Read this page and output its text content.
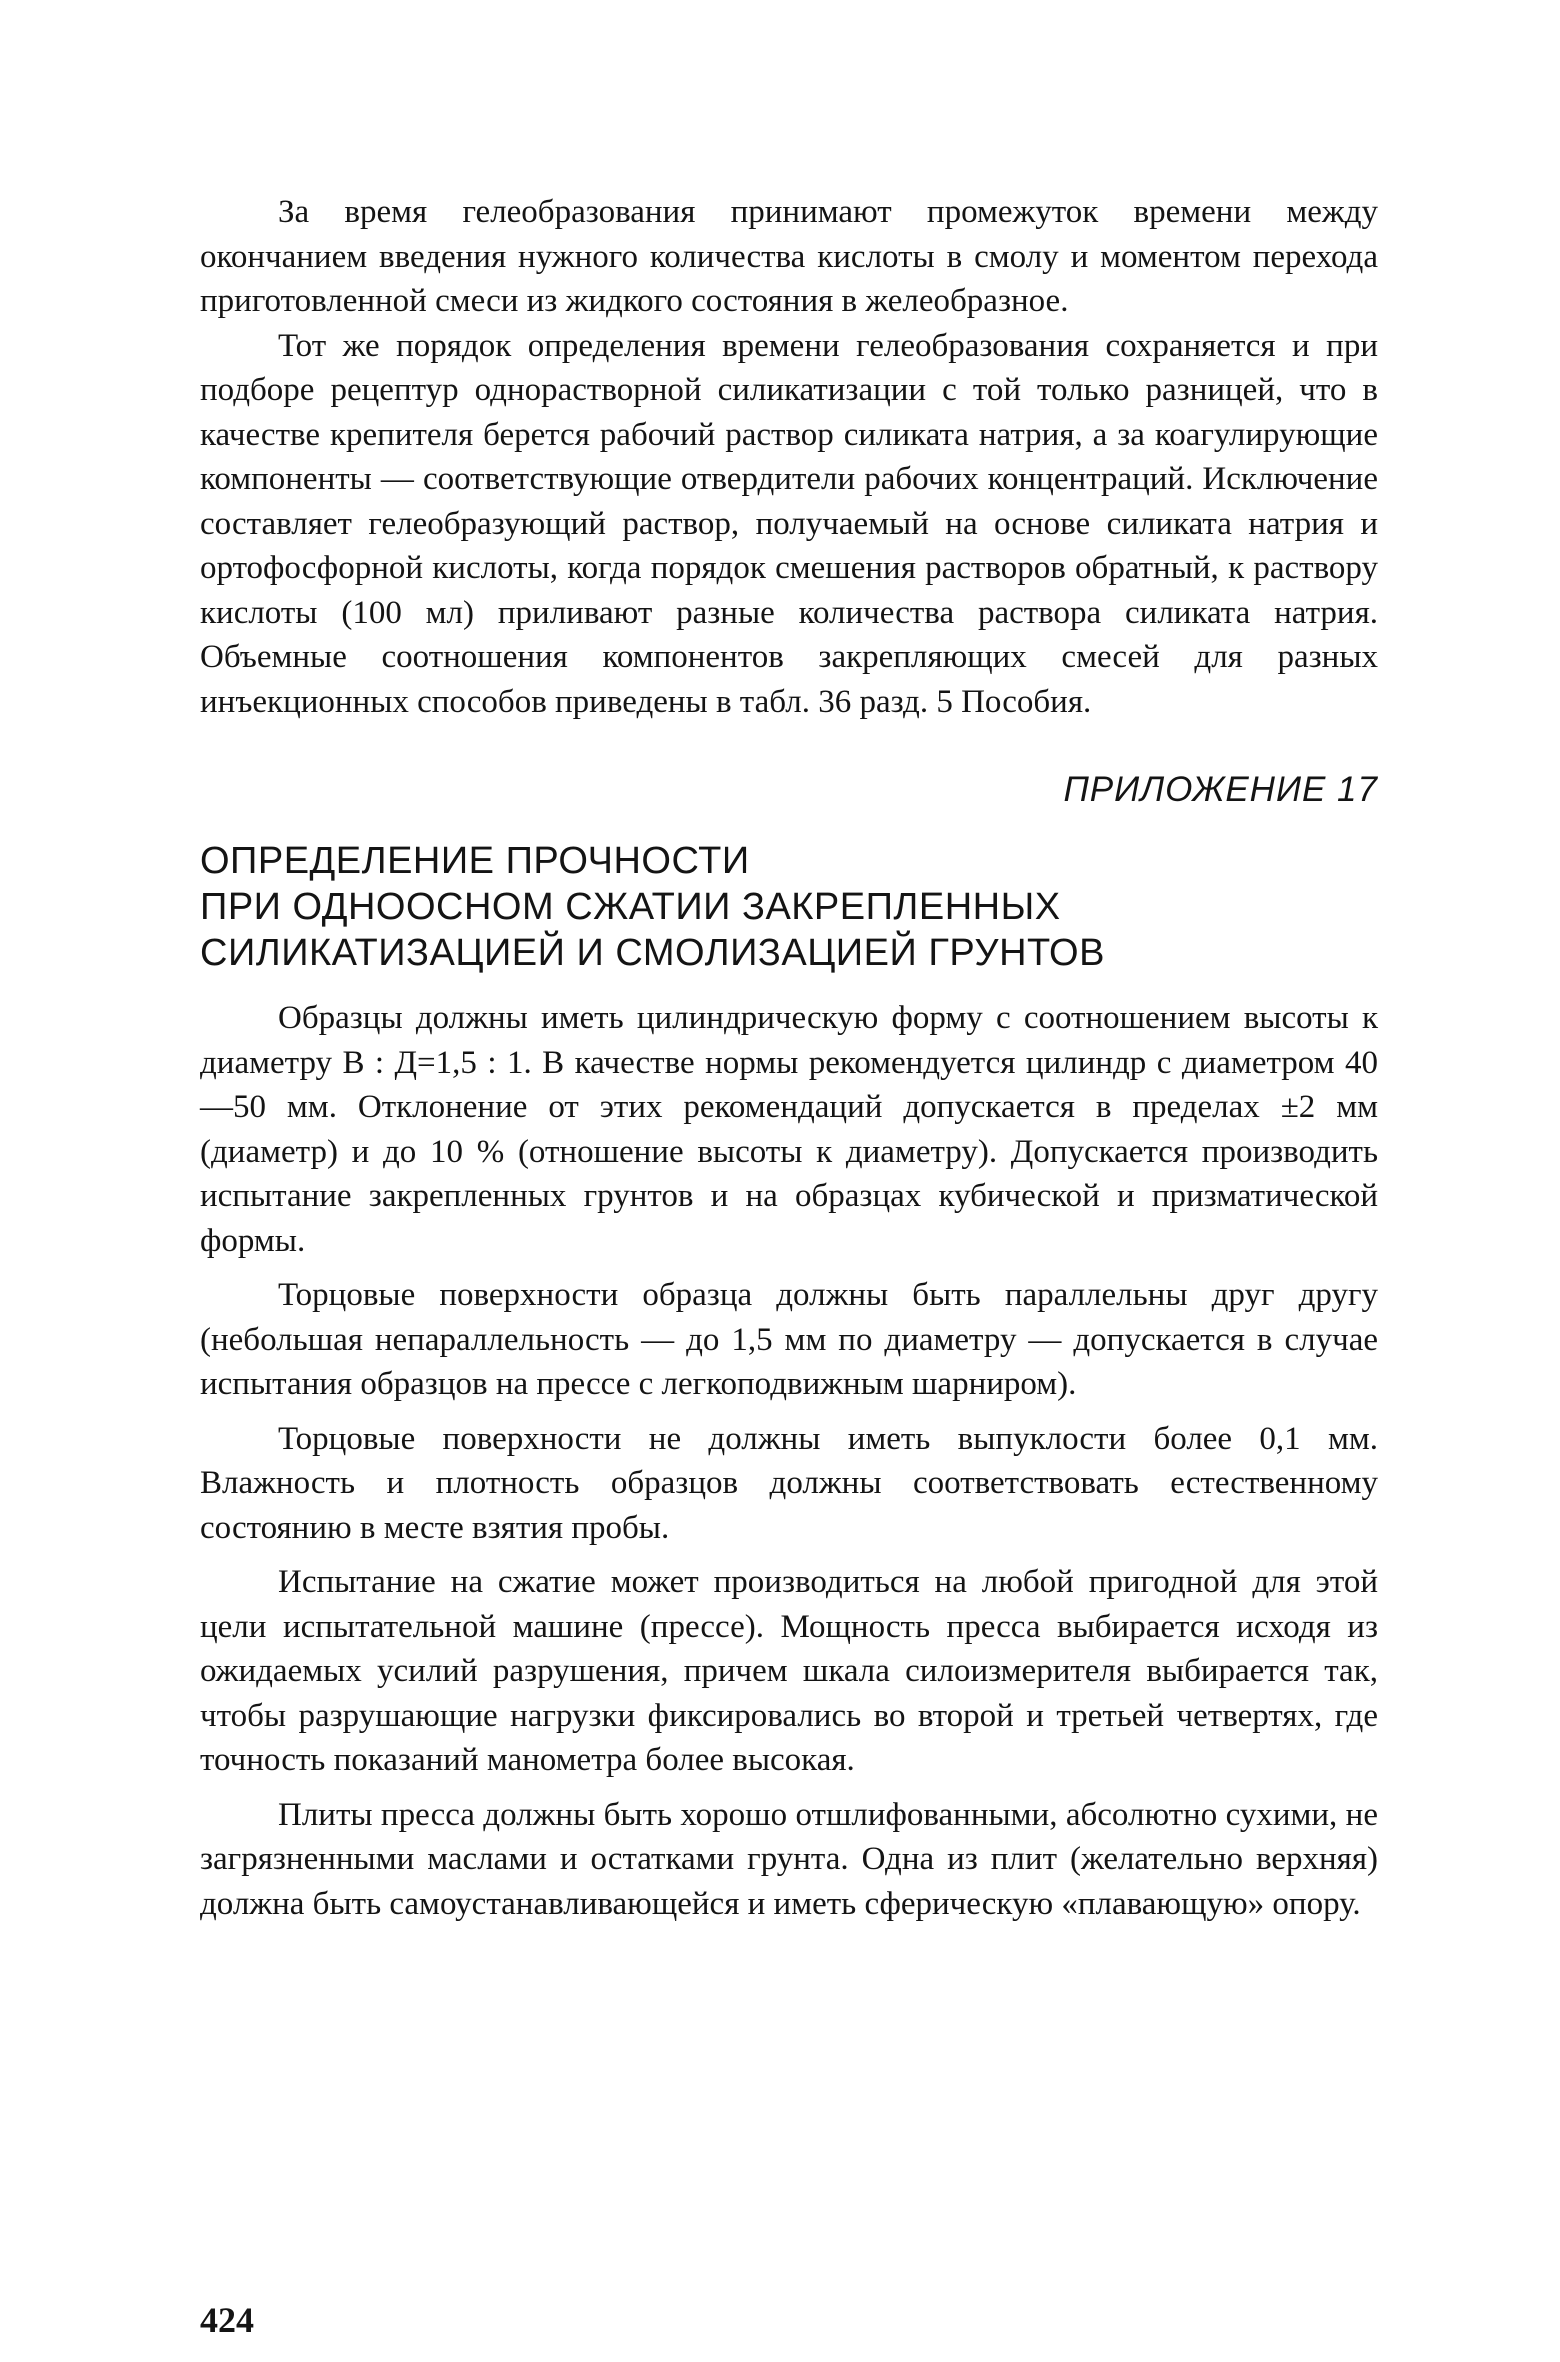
За время гелеобразования принимают промежуток времени между окончанием введения нужного количества кислоты в смолу и моментом перехода приготовленной смеси из жидкого состояния в желеобразное.

Тот же порядок определения времени гелеобразования сохраняется и при подборе рецептур однорастворной силикатизации с той только разницей, что в качестве крепителя берется рабочий раствор силиката натрия, а за коагулирующие компоненты — соответствующие отвердители рабочих концентраций. Исключение составляет гелеобразующий раствор, получаемый на основе силиката натрия и ортофосфорной кислоты, когда порядок смешения растворов обратный, к раствору кислоты (100 мл) приливают разные количества раствора силиката натрия. Объемные соотношения компонентов закрепляющих смесей для разных инъекционных способов приведены в табл. 36 разд. 5 Пособия.

ПРИЛОЖЕНИЕ 17
ОПРЕДЕЛЕНИЕ ПРОЧНОСТИ
ПРИ ОДНООСНОМ СЖАТИИ ЗАКРЕПЛЕННЫХ
СИЛИКАТИЗАЦИЕЙ И СМОЛИЗАЦИЕЙ ГРУНТОВ

Образцы должны иметь цилиндрическую форму с соотношением высоты к диаметру В : Д=1,5 : 1. В качестве нормы рекомендуется цилиндр с диаметром 40—50 мм. Отклонение от этих рекомендаций допускается в пределах ±2 мм (диаметр) и до 10 % (отношение высоты к диаметру). Допускается производить испытание закрепленных грунтов и на образцах кубической и призматической формы.

Торцовые поверхности образца должны быть параллельны друг другу (небольшая непараллельность — до 1,5 мм по диаметру — допускается в случае испытания образцов на прессе с легкоподвижным шарниром).

Торцовые поверхности не должны иметь выпуклости более 0,1 мм. Влажность и плотность образцов должны соответствовать естественному состоянию в месте взятия пробы.

Испытание на сжатие может производиться на любой пригодной для этой цели испытательной машине (прессе). Мощность пресса выбирается исходя из ожидаемых усилий разрушения, причем шкала силоизмерителя выбирается так, чтобы разрушающие нагрузки фиксировались во второй и третьей четвертях, где точность показаний манометра более высокая.

Плиты пресса должны быть хорошо отшлифованными, абсолютно сухими, не загрязненными маслами и остатками грунта. Одна из плит (желательно верхняя) должна быть самоустанавливающейся и иметь сферическую «плавающую» опору.

424
